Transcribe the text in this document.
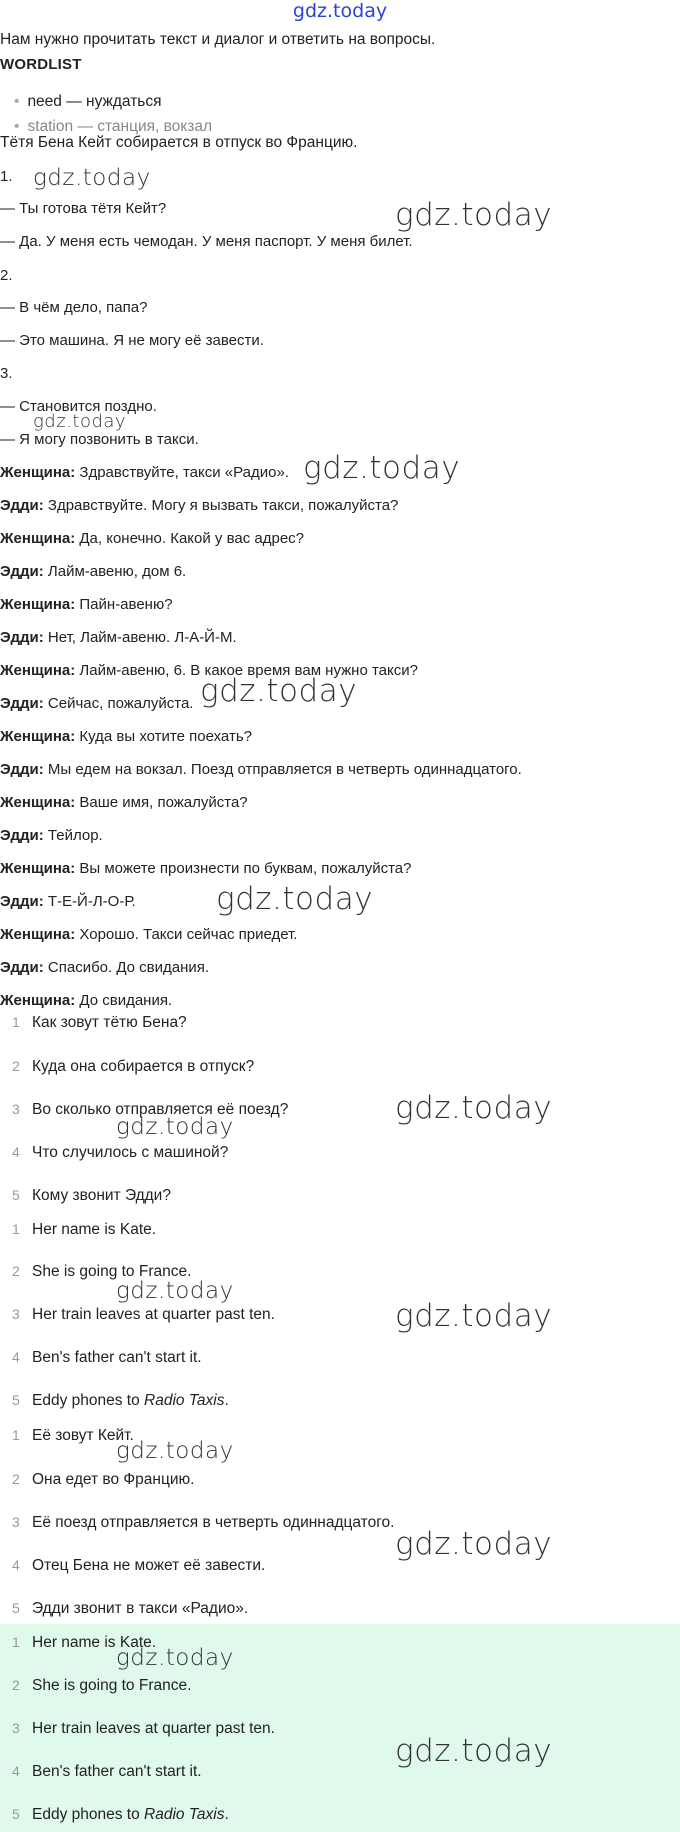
gdz.today
Нам нужно прочитать текст и диалог и ответить на вопросы.
WORDLIST
• need — нуждаться
• station — станция, вокзал
Тётя Бена Кейт собирается в отпуск во Францию.
1.
— Ты готова тётя Кейт?
— Да. У меня есть чемодан. У меня паспорт. У меня билет.
2.
— В чём дело, папа?
— Это машина. Я не могу её завести.
3.
— Становится поздно.
— Я могу позвонить в такси.
Женщина: Здравствуйте, такси «Радио».
Эдди: Здравствуйте. Могу я вызвать такси, пожалуйста?
Женщина: Да, конечно. Какой у вас адрес?
Эдди: Лайм-авеню, дом 6.
Женщина: Пайн-авеню?
Эдди: Нет, Лайм-авеню. Л-А-Й-М.
Женщина: Лайм-авеню, 6. В какое время вам нужно такси?
Эдди: Сейчас, пожалуйста.
Женщина: Куда вы хотите поехать?
Эдди: Мы едем на вокзал. Поезд отправляется в четверть одиннадцатого.
Женщина: Ваше имя, пожалуйста?
Эдди: Тейлор.
Женщина: Вы можете произнести по буквам, пожалуйста?
Эдди: Т-Е-Й-Л-О-Р.
Женщина: Хорошо. Такси сейчас приедет.
Эдди: Спасибо. До свидания.
Женщина: До свидания.
1 Как зовут тётю Бена?
2 Куда она собирается в отпуск?
3 Во сколько отправляется её поезд?
4 Что случилось с машиной?
5 Кому звонит Эдди?
1 Her name is Kate.
2 She is going to France.
3 Her train leaves at quarter past ten.
4 Ben's father can't start it.
5 Eddy phones to Radio Taxis.
1 Её зовут Кейт.
2 Она едет во Францию.
3 Её поезд отправляется в четверть одиннадцатого.
4 Отец Бена не может её завести.
5 Эдди звонит в такси «Радио».
1 Her name is Kate.
2 She is going to France.
3 Her train leaves at quarter past ten.
4 Ben's father can't start it.
5 Eddy phones to Radio Taxis.
gdz.today
gdz.today
gdz.today
gdz.today
gdz.today
gdz.today
gdz.today
gdz.today
gdz.today
gdz.today
gdz.today
gdz.today
gdz.today
gdz.today
